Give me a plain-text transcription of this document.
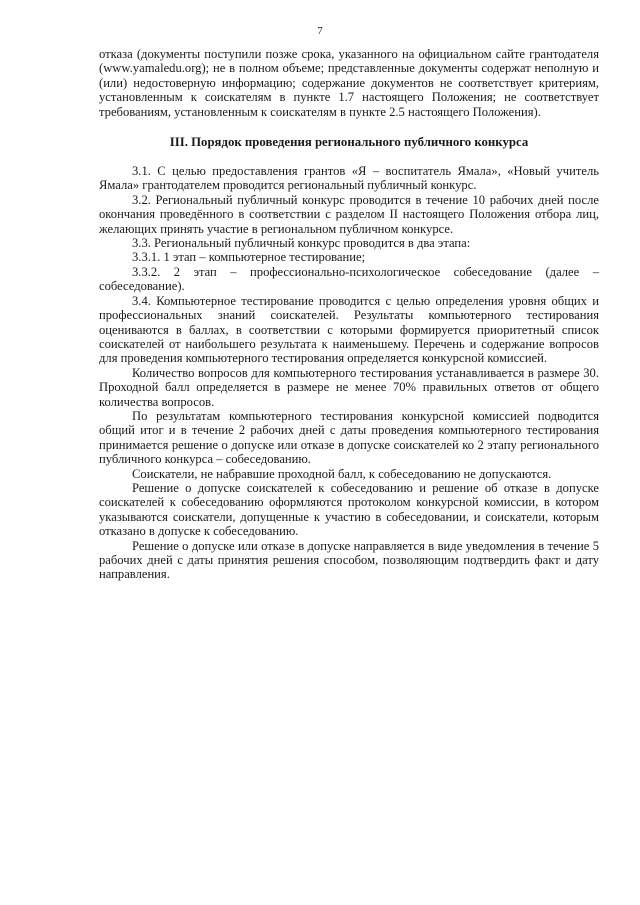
7

отказа (документы поступили позже срока, указанного на официальном сайте грантодателя (www.yamaledu.org); не в полном объеме; представленные документы содержат неполную и (или) недостоверную информацию; содержание документов не соответствует критериям, установленным к соискателям в пункте 1.7 настоящего Положения; не соответствует требованиям, установленным к соискателям в пункте 2.5 настоящего Положения).

III. Порядок проведения регионального публичного конкурса

3.1. С целью предоставления грантов «Я – воспитатель Ямала», «Новый учитель Ямала» грантодателем проводится региональный публичный конкурс.

3.2. Региональный публичный конкурс проводится в течение 10 рабочих дней после окончания проведённого в соответствии с разделом II настоящего Положения отбора лиц, желающих принять участие в региональном публичном конкурсе.

3.3. Региональный публичный конкурс проводится в два этапа:

3.3.1. 1 этап – компьютерное тестирование;

3.3.2. 2 этап – профессионально-психологическое собеседование (далее – собеседование).

3.4. Компьютерное тестирование проводится с целью определения уровня общих и профессиональных знаний соискателей. Результаты компьютерного тестирования оцениваются в баллах, в соответствии с которыми формируется приоритетный список соискателей от наибольшего результата к наименьшему. Перечень и содержание вопросов для проведения компьютерного тестирования определяется конкурсной комиссией.

Количество вопросов для компьютерного тестирования устанавливается в размере 30. Проходной балл определяется в размере не менее 70% правильных ответов от общего количества вопросов.

По результатам компьютерного тестирования конкурсной комиссией подводится общий итог и в течение 2 рабочих дней с даты проведения компьютерного тестирования принимается решение о допуске или отказе в допуске соискателей ко 2 этапу регионального публичного конкурса – собеседованию.

Соискатели, не набравшие проходной балл, к собеседованию не допускаются.

Решение о допуске соискателей к собеседованию и решение об отказе в допуске соискателей к собеседованию оформляются протоколом конкурсной комиссии, в котором указываются соискатели, допущенные к участию в собеседовании, и соискатели, которым отказано в допуске к собеседованию.

Решение о допуске или отказе в допуске направляется в виде уведомления в течение 5 рабочих дней с даты принятия решения способом, позволяющим подтвердить факт и дату направления.
